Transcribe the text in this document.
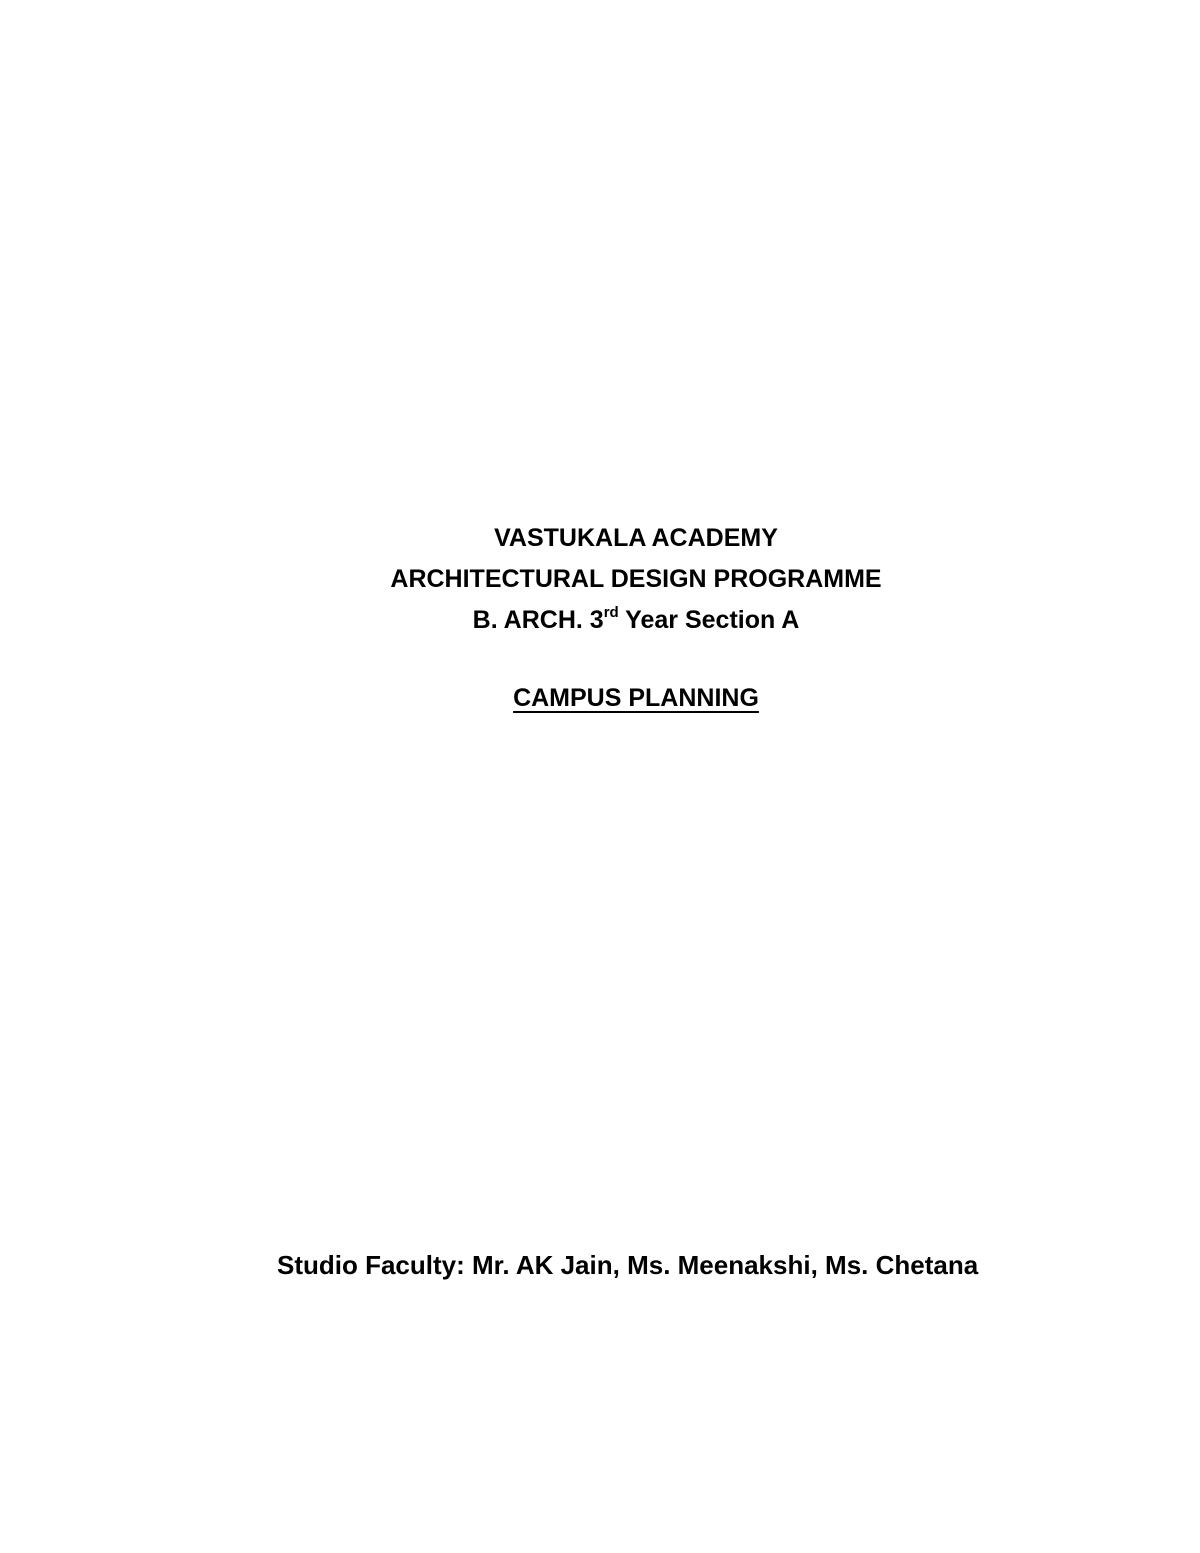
VASTUKALA ACADEMY
ARCHITECTURAL DESIGN PROGRAMME
B. ARCH. 3rd Year Section A
CAMPUS PLANNING
Studio Faculty: Mr. AK Jain, Ms. Meenakshi, Ms. Chetana
